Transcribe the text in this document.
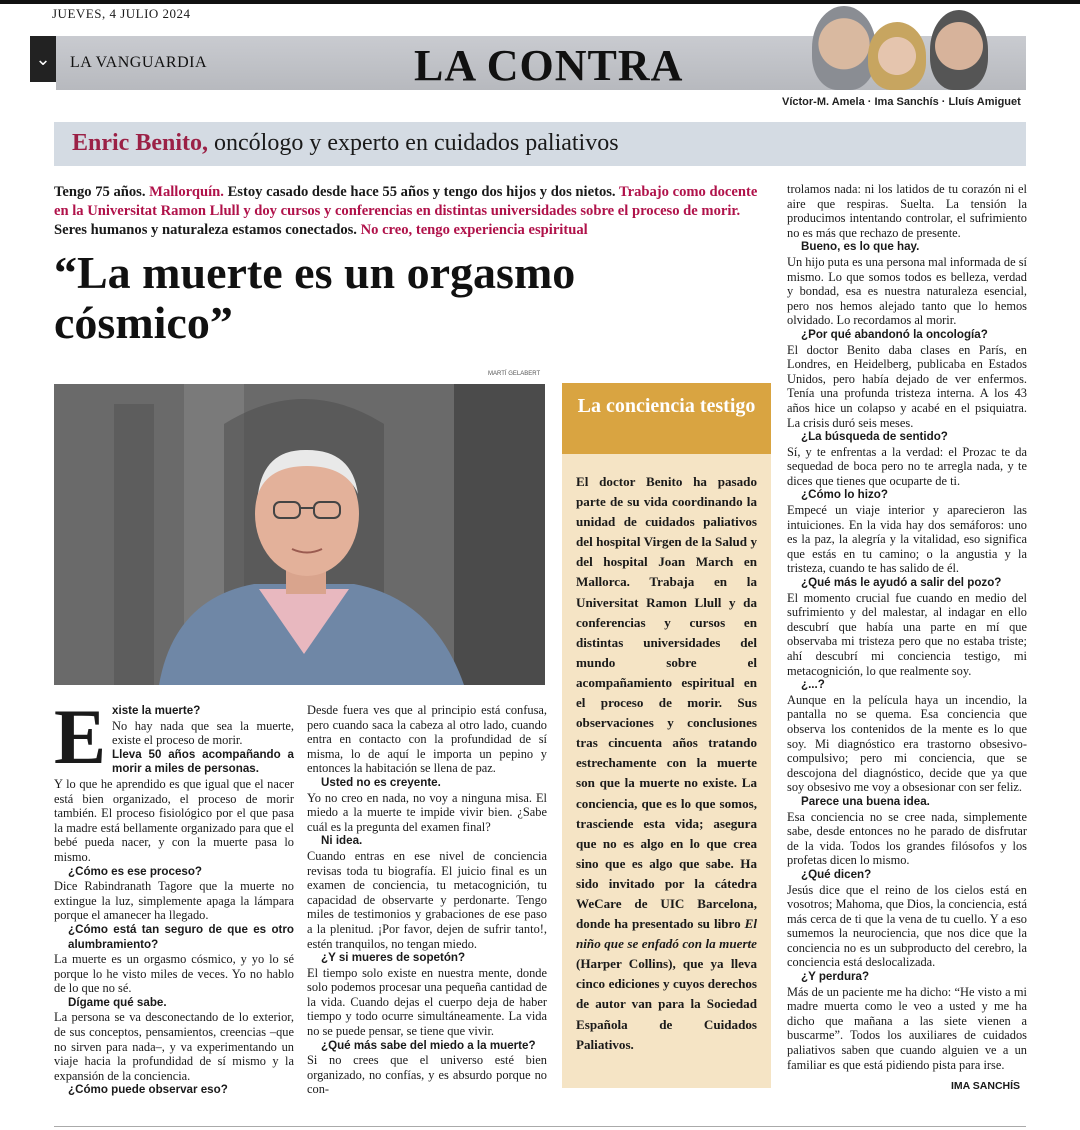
JUEVES, 4 JULIO 2024
⌄	LA VANGUARDIA	LA CONTRA
Víctor-M. Amela · Ima Sanchís · Lluís Amiguet
Enric Benito, oncólogo y experto en cuidados paliativos
Tengo 75 años. Mallorquín. Estoy casado desde hace 55 años y tengo dos hijos y dos nietos. Trabajo como docente en la Universitat Ramon Llull y doy cursos y conferencias en distintas universidades sobre el proceso de morir. Seres humanos y naturaleza estamos conectados. No creo, tengo experiencia espiritual
“La muerte es un orgasmo cósmico”
MARTÍ GELABERT

Existe la muerte?

No hay nada que sea la muerte, existe el proceso de morir.

Lleva 50 años acompañando a morir a miles de personas.

Y lo que he aprendido es que igual que el nacer está bien organizado, el proceso de morir también. El proceso fisiológico por el que pasa la madre está bellamente organizado para que el bebé pueda nacer, y con la muerte pasa lo mismo.

¿Cómo es ese proceso?

Dice Rabindranath Tagore que la muerte no extingue la luz, simplemente apaga la lámpara porque el amanecer ha llegado.

¿Cómo está tan seguro de que es otro alumbramiento?

La muerte es un orgasmo cósmico, y yo lo sé porque lo he visto miles de veces. Yo no hablo de lo que no sé.

Dígame qué sabe.

La persona se va desconectando de lo exterior, de sus conceptos, pensamientos, creencias –que no sirven para nada–, y va experimentando un viaje hacia la profundidad de sí mismo y la expansión de la conciencia.

¿Cómo puede observar eso?

Desde fuera ves que al principio está confusa, pero cuando saca la cabeza al otro lado, cuando entra en contacto con la profundidad de sí misma, lo de aquí le importa un pepino y entonces la habitación se llena de paz.

Usted no es creyente.

Yo no creo en nada, no voy a ninguna misa. El miedo a la muerte te impide vivir bien. ¿Sabe cuál es la pregunta del examen final?

Ni idea.

Cuando entras en ese nivel de conciencia revisas toda tu biografía. El juicio final es un examen de conciencia, tu metacognición, tu capacidad de observarte y perdonarte. Tengo miles de testimonios y grabaciones de ese paso a la plenitud. ¡Por favor, dejen de sufrir tanto!, estén tranquilos, no tengan miedo.

¿Y si mueres de sopetón?

El tiempo solo existe en nuestra mente, donde solo podemos procesar una pequeña cantidad de la vida. Cuando dejas el cuerpo deja de haber tiempo y todo ocurre simultáneamente. La vida no se puede pensar, se tiene que vivir.

¿Qué más sabe del miedo a la muerte?

Si no crees que el universo esté bien organizado, no confías, y es absurdo porque no con-

La conciencia testigo
El doctor Benito ha pasado parte de su vida coordinando la unidad de cuidados paliativos del hospital Virgen de la Salud y del hospital Joan March en Mallorca. Trabaja en la Universitat Ramon Llull y da conferencias y cursos en distintas universidades del mundo sobre el acompañamiento espiritual en el proceso de morir. Sus observaciones y conclusiones tras cincuenta años tratando estrechamente con la muerte son que la muerte no existe. La conciencia, que es lo que somos, trasciende esta vida; asegura que no es algo en lo que crea sino que es algo que sabe. Ha sido invitado por la cátedra WeCare de UIC Barcelona, donde ha presentado su libro El niño que se enfadó con la muerte (Harper Collins), que ya lleva cinco ediciones y cuyos derechos de autor van para la Sociedad Española de Cuidados Paliativos.

trolamos nada: ni los latidos de tu corazón ni el aire que respiras. Suelta. La tensión la producimos intentando controlar, el sufrimiento no es más que rechazo de presente.

Bueno, es lo que hay.

Un hijo puta es una persona mal informada de sí mismo. Lo que somos todos es belleza, verdad y bondad, esa es nuestra naturaleza esencial, pero nos hemos alejado tanto que lo hemos olvidado. Lo recordamos al morir.

¿Por qué abandonó la oncología?

El doctor Benito daba clases en París, en Londres, en Heidelberg, publicaba en Estados Unidos, pero había dejado de ver enfermos. Tenía una profunda tristeza interna. A los 43 años hice un colapso y acabé en el psiquiatra. La crisis duró seis meses.

¿La búsqueda de sentido?

Sí, y te enfrentas a la verdad: el Prozac te da sequedad de boca pero no te arregla nada, y te dices que tienes que ocuparte de ti.

¿Cómo lo hizo?

Empecé un viaje interior y aparecieron las intuiciones. En la vida hay dos semáforos: uno es la paz, la alegría y la vitalidad, eso significa que estás en tu camino; o la angustia y la tristeza, cuando te has salido de él.

¿Qué más le ayudó a salir del pozo?

El momento crucial fue cuando en medio del sufrimiento y del malestar, al indagar en ello descubrí que había una parte en mí que observaba mi tristeza pero que no estaba triste; ahí descubrí mi conciencia testigo, mi metacognición, lo que realmente soy.

¿...?

Aunque en la película haya un incendio, la pantalla no se quema. Esa conciencia que observa los contenidos de la mente es lo que soy. Mi diagnóstico era trastorno obsesivo-compulsivo; pero mi conciencia, que se descojona del diagnóstico, decide que ya que soy obsesivo me voy a obsesionar con ser feliz.

Parece una buena idea.

Esa conciencia no se cree nada, simplemente sabe, desde entonces no he parado de disfrutar de la vida. Todos los grandes filósofos y los profetas dicen lo mismo.

¿Qué dicen?

Jesús dice que el reino de los cielos está en vosotros; Mahoma, que Dios, la conciencia, está más cerca de ti que la vena de tu cuello. Y a eso sumemos la neurociencia, que nos dice que la conciencia no es un subproducto del cerebro, la conciencia está deslocalizada.

¿Y perdura?

Más de un paciente me ha dicho: “He visto a mi madre muerta como le veo a usted y me ha dicho que mañana a las siete vienen a buscarme”. Todos los auxiliares de cuidados paliativos saben que cuando alguien ve a un familiar es que está pidiendo pista para irse.

IMA SANCHÍS
